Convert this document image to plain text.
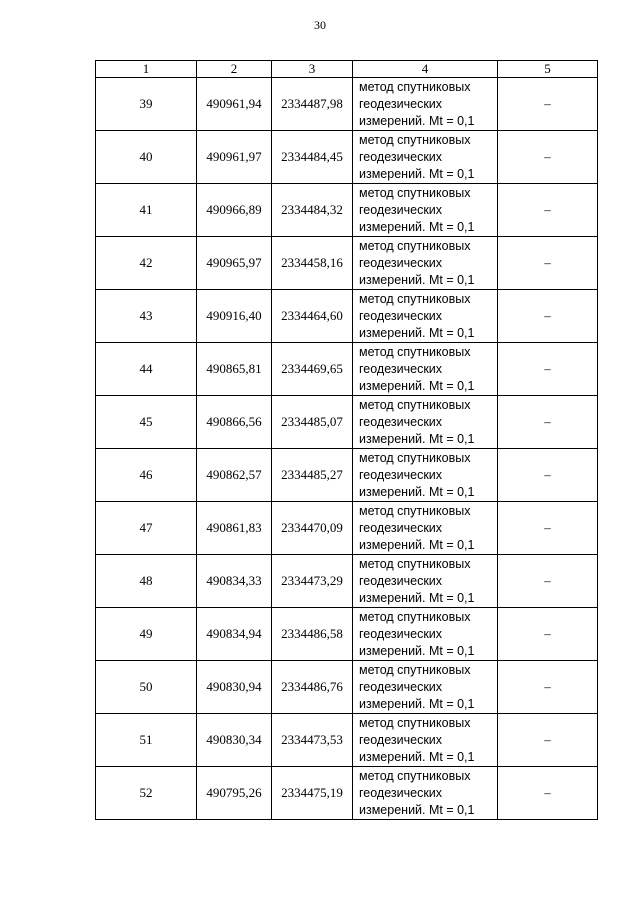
30
1	2	3	4	5
39	490961,94	2334487,98	метод спутниковых
геодезических
измерений. Mt = 0,1	–
40	490961,97	2334484,45	метод спутниковых
геодезических
измерений. Mt = 0,1	–
41	490966,89	2334484,32	метод спутниковых
геодезических
измерений. Mt = 0,1	–
42	490965,97	2334458,16	метод спутниковых
геодезических
измерений. Mt = 0,1	–
43	490916,40	2334464,60	метод спутниковых
геодезических
измерений. Mt = 0,1	–
44	490865,81	2334469,65	метод спутниковых
геодезических
измерений. Mt = 0,1	–
45	490866,56	2334485,07	метод спутниковых
геодезических
измерений. Mt = 0,1	–
46	490862,57	2334485,27	метод спутниковых
геодезических
измерений. Mt = 0,1	–
47	490861,83	2334470,09	метод спутниковых
геодезических
измерений. Mt = 0,1	–
48	490834,33	2334473,29	метод спутниковых
геодезических
измерений. Mt = 0,1	–
49	490834,94	2334486,58	метод спутниковых
геодезических
измерений. Mt = 0,1	–
50	490830,94	2334486,76	метод спутниковых
геодезических
измерений. Mt = 0,1	–
51	490830,34	2334473,53	метод спутниковых
геодезических
измерений. Mt = 0,1	–
52	490795,26	2334475,19	метод спутниковых
геодезических
измерений. Mt = 0,1	–
